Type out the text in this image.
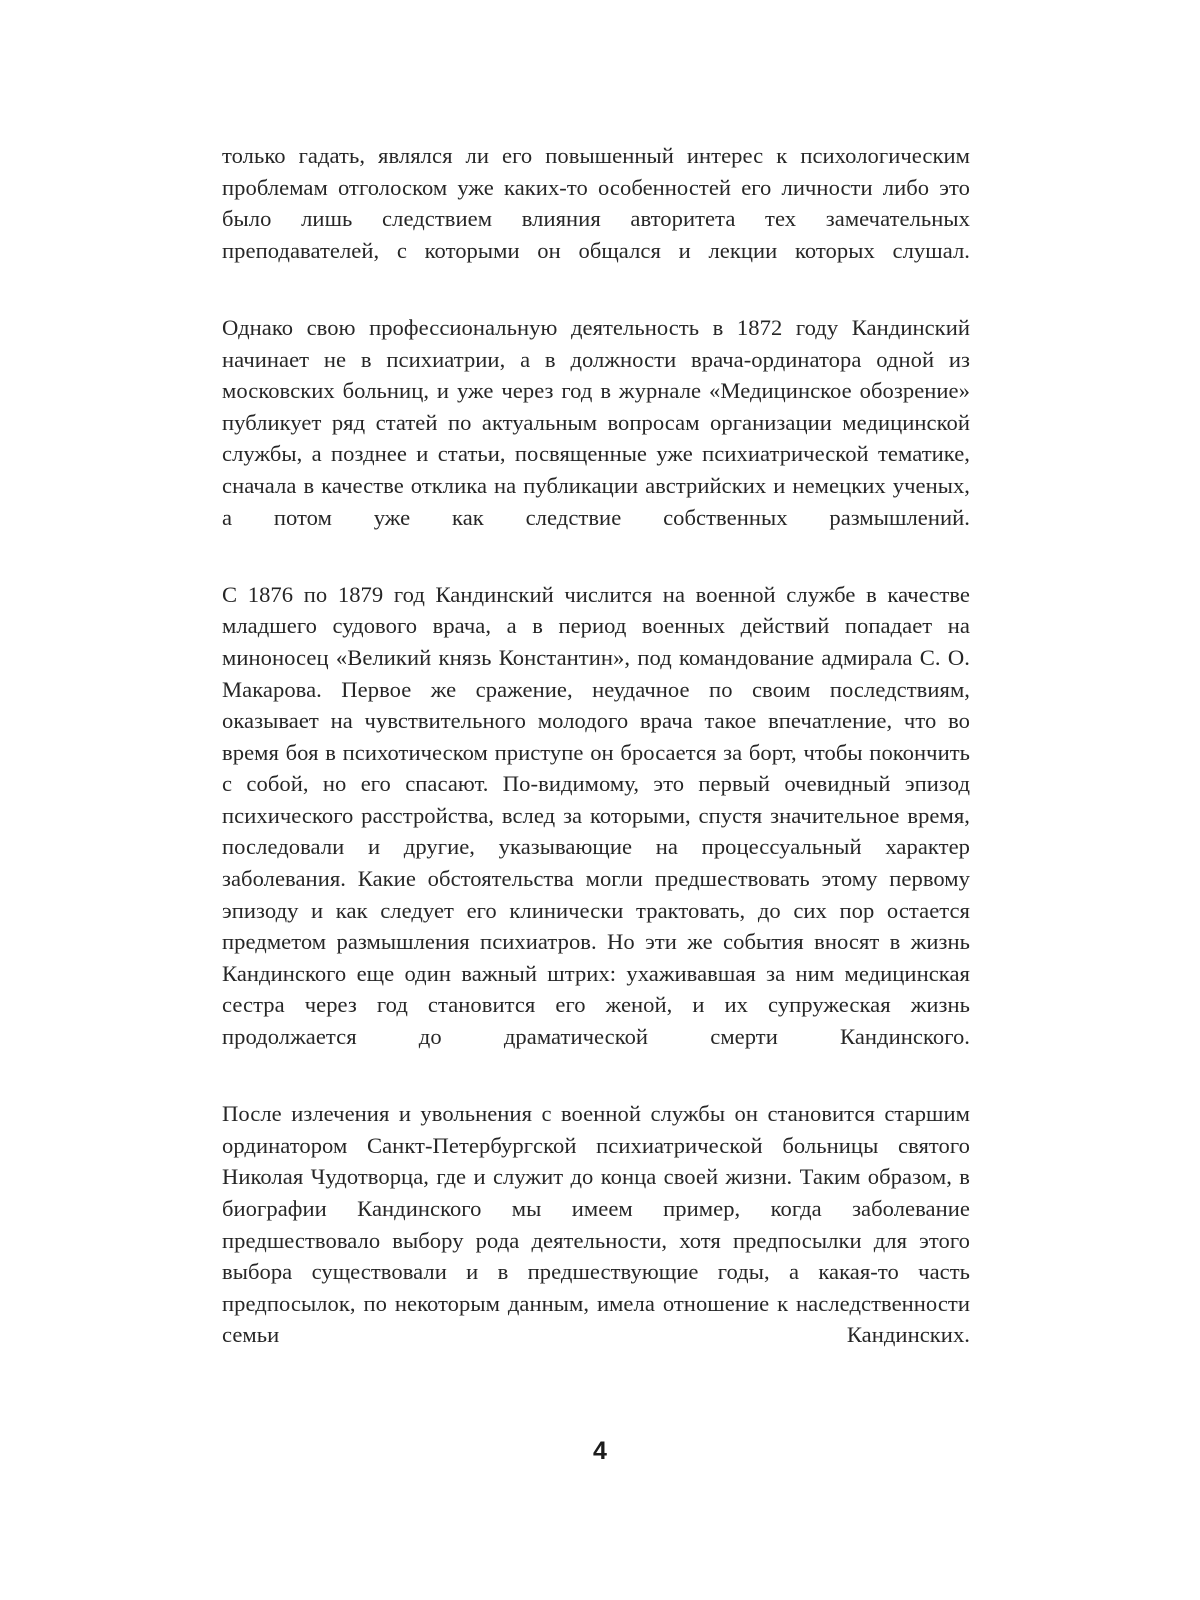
только гадать, являлся ли его повышенный интерес к психологическим проблемам отголоском уже каких-то особенностей его личности либо это было лишь следствием влияния авторитета тех замечательных преподавателей, с которыми он общался и лекции которых слушал.

Однако свою профессиональную деятельность в 1872 году Кандинский начинает не в психиатрии, а в должности врача-ординатора одной из московских больниц, и уже через год в журнале «Медицинское обозрение» публикует ряд статей по актуальным вопросам организации медицинской службы, а позднее и статьи, посвященные уже психиатрической тематике, сначала в качестве отклика на публикации австрийских и немецких ученых, а потом уже как следствие собственных размышлений.

С 1876 по 1879 год Кандинский числится на военной службе в качестве младшего судового врача, а в период военных действий попадает на миноносец «Великий князь Константин», под командование адмирала С. О. Макарова. Первое же сражение, неудачное по своим последствиям, оказывает на чувствительного молодого врача такое впечатление, что во время боя в психотическом приступе он бросается за борт, чтобы покончить с собой, но его спасают. По-видимому, это первый очевидный эпизод психического расстройства, вслед за которыми, спустя значительное время, последовали и другие, указывающие на процессуальный характер заболевания. Какие обстоятельства могли предшествовать этому первому эпизоду и как следует его клинически трактовать, до сих пор остается предметом размышления психиатров. Но эти же события вносят в жизнь Кандинского еще один важный штрих: ухаживавшая за ним медицинская сестра через год становится его женой, и их супружеская жизнь продолжается до драматической смерти Кандинского.

После излечения и увольнения с военной службы он становится старшим ординатором Санкт-Петербургской психиатрической больницы святого Николая Чудотворца, где и служит до конца своей жизни. Таким образом, в биографии Кандинского мы имеем пример, когда заболевание предшествовало выбору рода деятельности, хотя предпосылки для этого выбора существовали и в предшествующие годы, а какая-то часть предпосылок, по некоторым данным, имела отношение к наследственности семьи Кандинских.

4
